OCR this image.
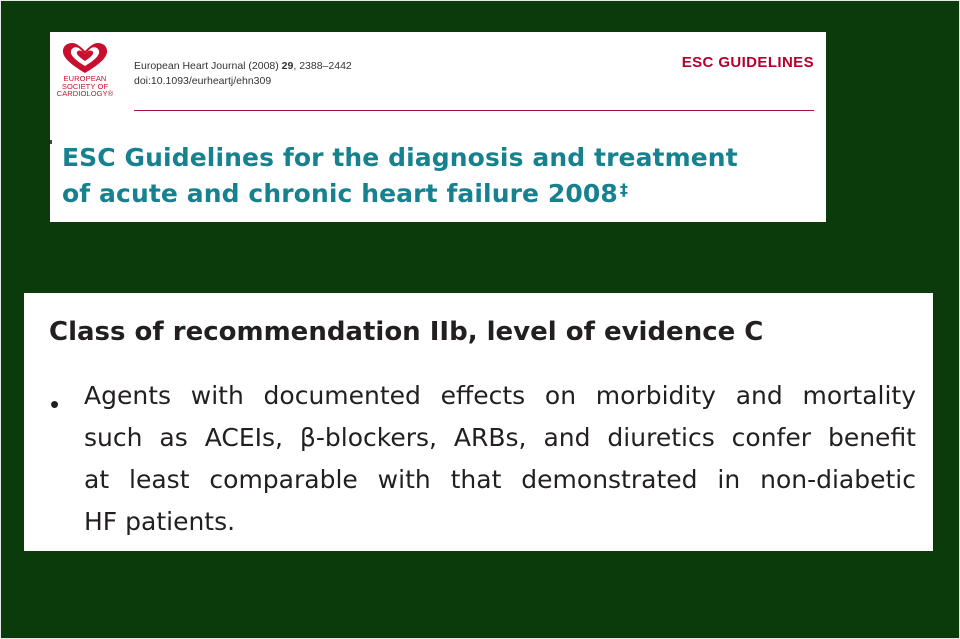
EUROPEAN
SOCIETY OF
CARDIOLOGY®
European Heart Journal (2008) 29, 2388–2442
doi:10.1093/eurheartj/ehn309
ESC GUIDELINES
ESC Guidelines for the diagnosis and treatment
of acute and chronic heart failure 2008 ‡
Class of recommendation IIb, level of evidence C
• Agents with documented effects on morbidity and mortality
such as ACEIs, β-blockers, ARBs, and diuretics confer benefit
at least comparable with that demonstrated in non-diabetic
HF patients.
